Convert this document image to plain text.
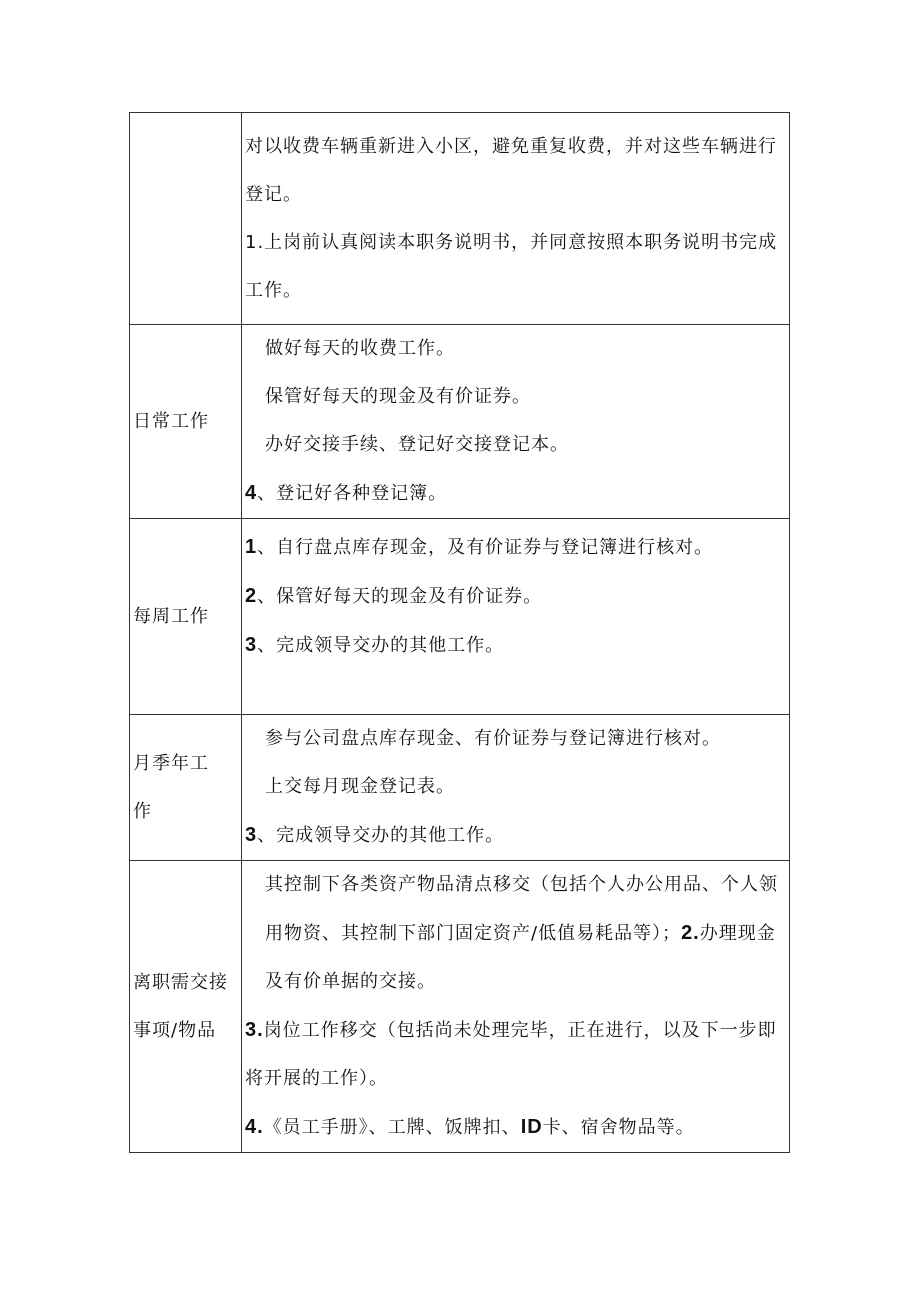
	对以收费车辆重新进入小区，避免重复收费，并对这些车辆进行登记。
1.上岗前认真阅读本职务说明书，并同意按照本职务说明书完成工作。

日常工作	做好每天的收费工作。
保管好每天的现金及有价证券。
办好交接手续、登记好交接登记本。
4、登记好各种登记簿。

每周工作	1、自行盘点库存现金，及有价证券与登记簿进行核对。
2、保管好每天的现金及有价证券。
3、完成领导交办的其他工作。

月季年工作	参与公司盘点库存现金、有价证券与登记簿进行核对。
上交每月现金登记表。
3、完成领导交办的其他工作。

离职需交接事项/物品	其控制下各类资产物品清点移交（包括个人办公用品、个人领用物资、其控制下部门固定资产/低值易耗品等）；2.办理现金及有价单据的交接。
3.岗位工作移交（包括尚未处理完毕，正在进行，以及下一步即将开展的工作）。
4.《员工手册》、工牌、饭牌扣、ID卡、宿舍物品等。
